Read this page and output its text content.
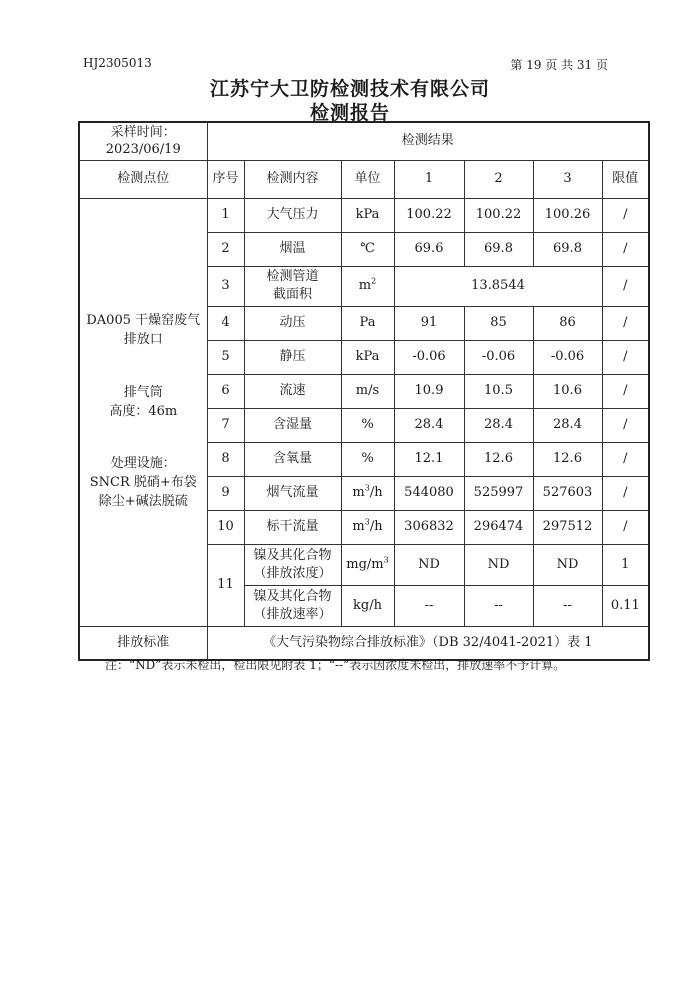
HJ2305013	第 19 页 共 31 页
江苏宁大卫防检测技术有限公司
检测报告
采样时间：
2023/06/19	检测结果						
检测点位	序号	检测内容	单位	1	2	3	限值

DA005 干燥窑废气排放口
排气筒
高度：46m
处理设施：
SNCR 脱硝+布袋除尘+碱法脱硫	1	大气压力	kPa	100.22	100.22	100.26	/
	2	烟温	℃	69.6	69.8	69.8	/
	3	检测管道截面积	$m^2$	13.8544			/
	4	动压	Pa	91	85	86	/
	5	静压	kPa	-0.06	-0.06	-0.06	/
	6	流速	m/s	10.9	10.5	10.6	/
	7	含湿量	%	28.4	28.4	28.4	/
	8	含氧量	%	12.1	12.6	12.6	/
	9	烟气流量	$m^3/h$	544080	525997	527603	/
	10	标干流量	$m^3/h$	306832	296474	297512	/
	11	镍及其化合物（排放浓度）	$mg/m^3$	ND	ND	ND	1
		镍及其化合物（排放速率）	kg/h	--	--	--	0.11
排放标准	《大气污染物综合排放标准》（DB 32/4041-2021）表 1						
注：“ND”表示未检出，检出限见附表 1；“--”表示因浓度未检出，排放速率不予计算。
